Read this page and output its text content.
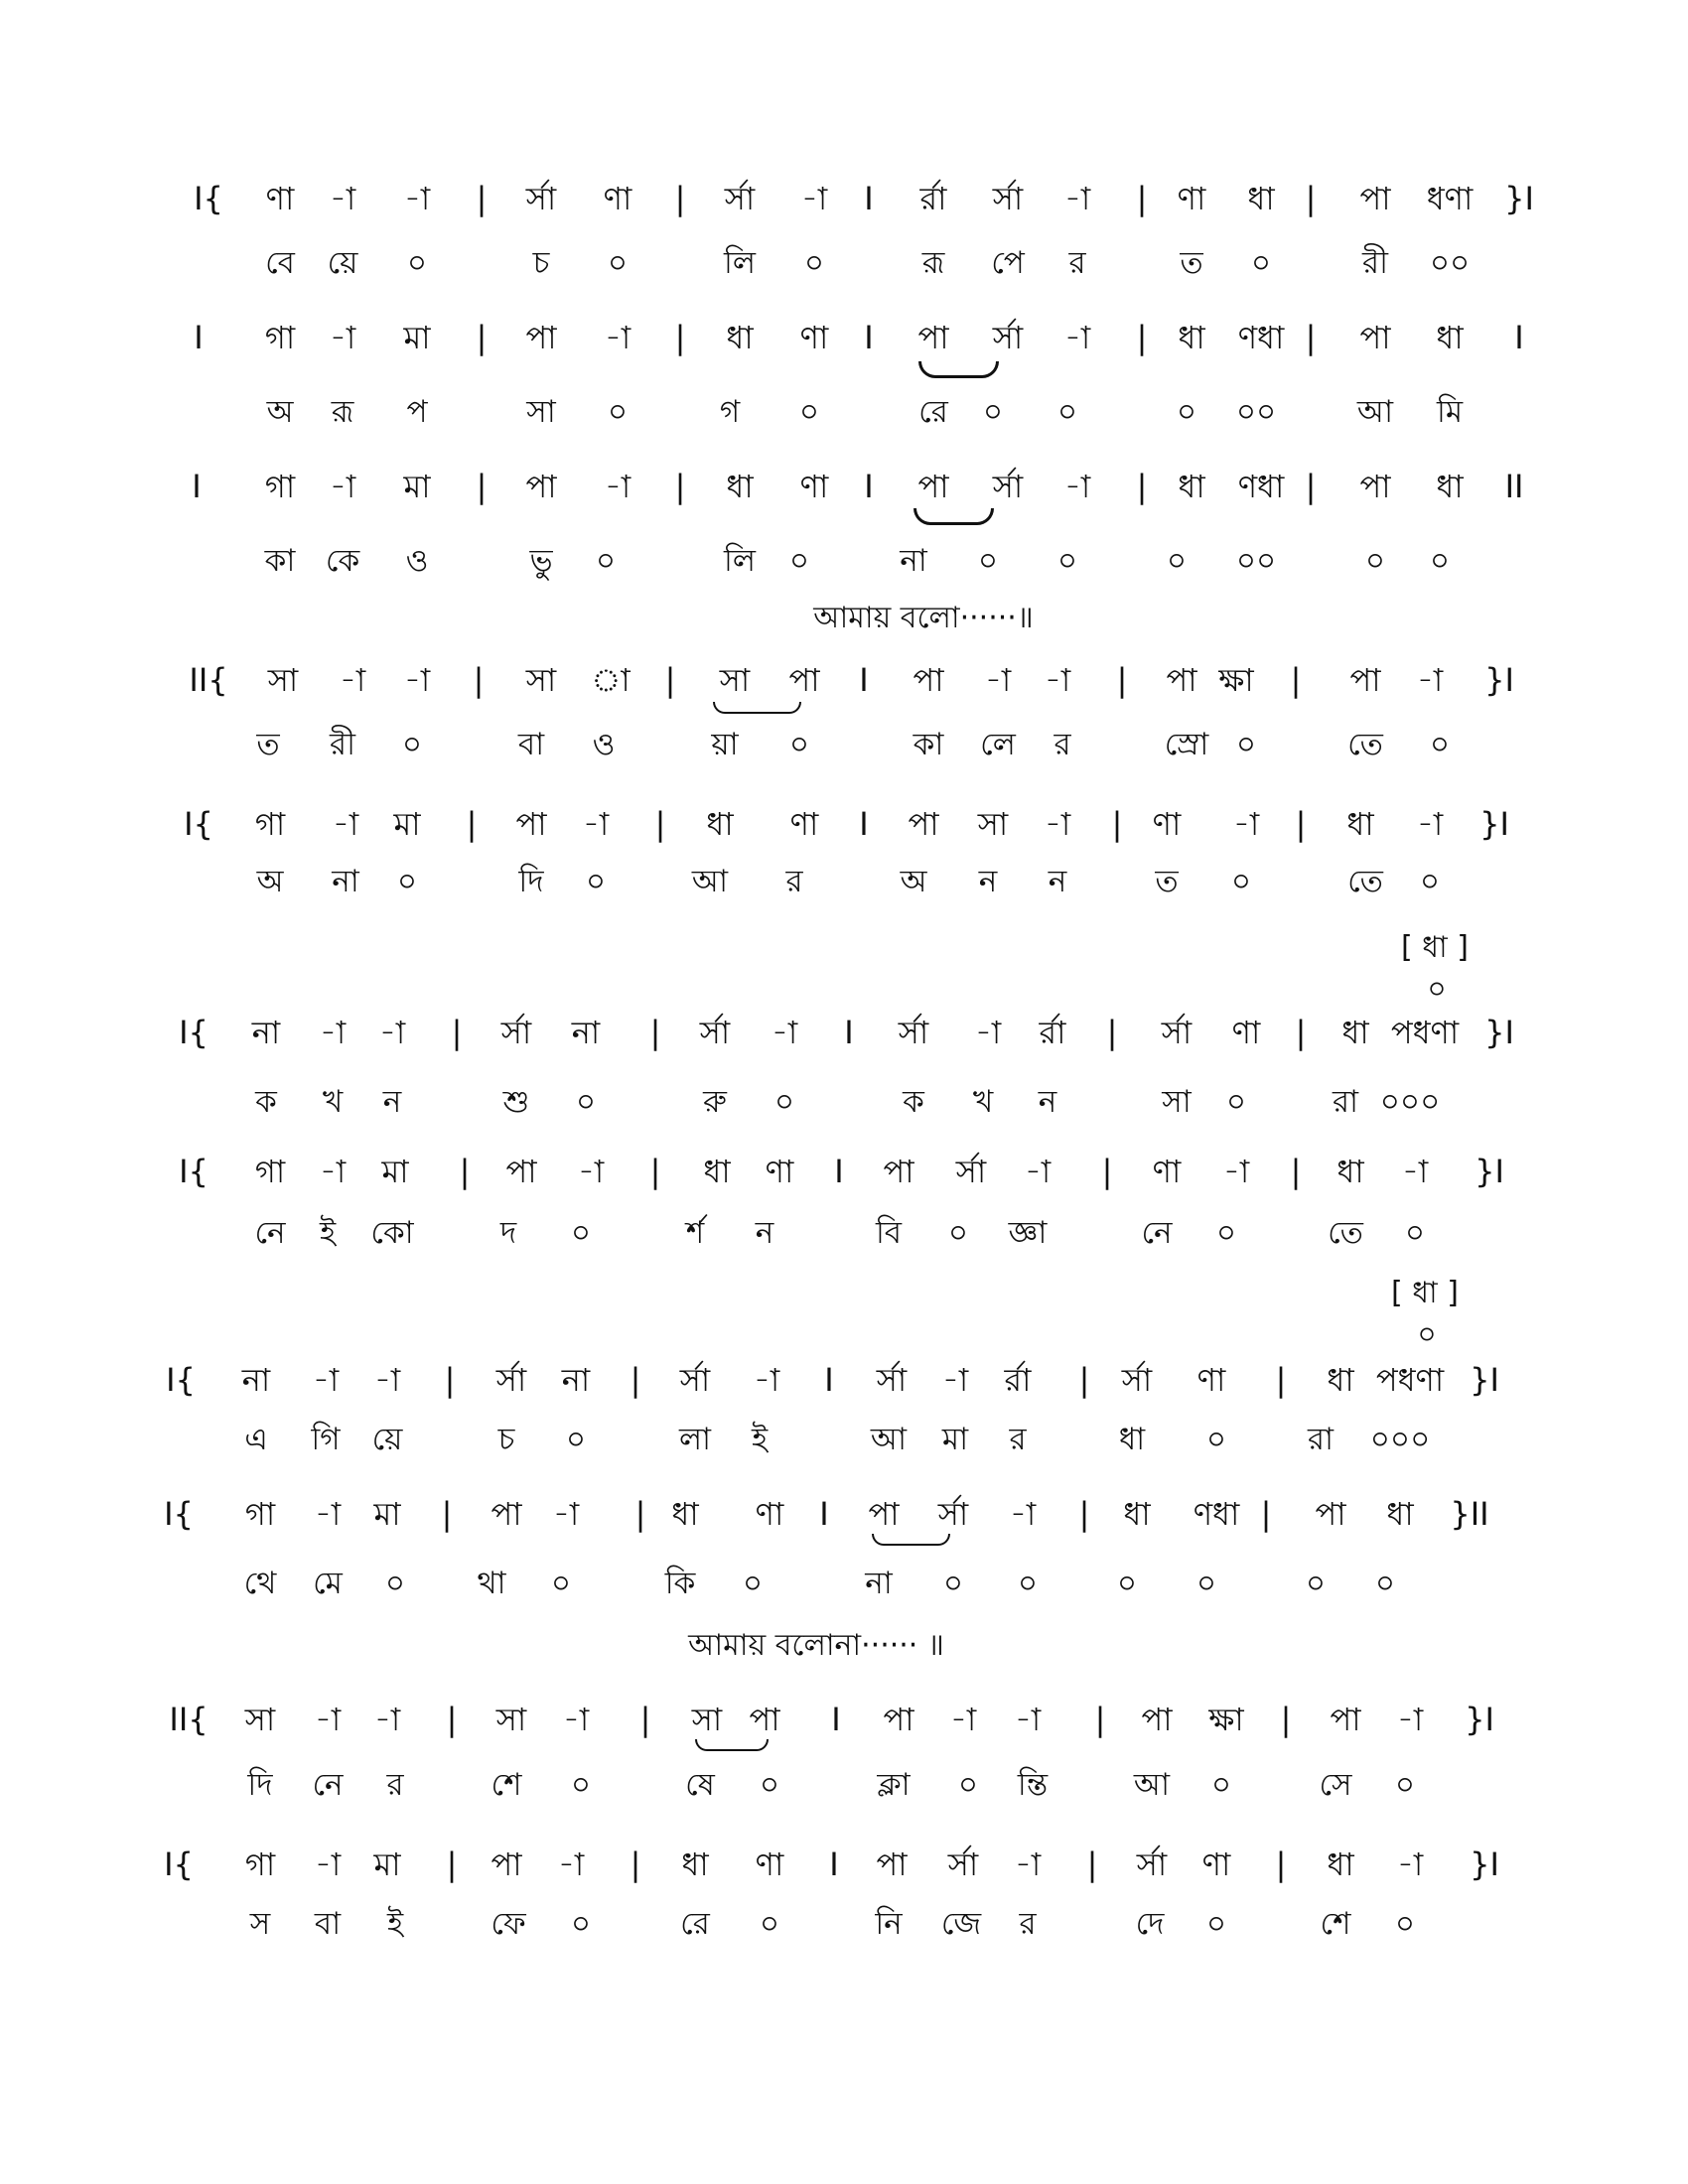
I{ ণা -া -া | র্সা ণা | র্সা -া I র্রা র্সা -া | ণা ধা | পা ধণা }I
বে য়ে ০	চ ০	লি ০	রূ পে র	ত ০	রী ০০
I গা -া মা | পা -া | ধা ণা I পা র্সা -া | ধা ণধা | পা ধা I
অ রূ প	সা ০	গ ০	রে ০ ০	০ ০০	আ মি
I গা -া মা | পা -া | ধা ণা I পা র্সা -া | ধা ণধা | পা ধা II
কা কে ও	ভু ০	লি ০	না ০ ০	০ ০০	০ ০
আমায় বলো······॥
II{ সা -া -া | সা া | সা পা I পা -া -া | পা ক্ষা | পা -া }I
ত রী ০	বা ও	য়া ০	কা লে র	স্রো ০	তে ০
I{ গা -া মা | পা -া | ধা ণা I পা সা -া | ণা -া | ধা -া }I
অ না ০	দি ০	আ র	অ ন ন	ত ০	তে ০
[ ধা ]
০
I{ না -া -া | র্সা না | র্সা -া I র্সা -া র্রা | র্সা ণা | ধা পধণা }I
ক খ ন	শু ০	রু ০	ক খ ন	সা ০	রা ০০০
I{ গা -া মা | পা -া | ধা ণা I পা র্সা -া | ণা -া | ধা -া }I
নে ই কো	দ ০	র্শ ন	বি ০ জ্ঞা	নে ০	তে ০
[ ধা ]
০
I{ না -া -া | র্সা না | র্সা -া I র্সা -া র্রা | র্সা ণা | ধা পধণা }I
এ গি য়ে	চ ০	লা ই	আ মা র	ধা ০	রা ০০০
I{ গা -া মা | পা -া | ধা ণা I পা র্সা -া | ধা ণধা | পা ধা }II
থে মে ০ থা ০	কি ০	না ০ ০	০ ০	০ ০
আমায় বলোনা······ ॥
II{ সা -া -া | সা -া | সা পা I পা -া -া | পা ক্ষা | পা -া }I
দি নে র	শে ০	ষে ০	ক্লা ০ ন্তি	আ ০	সে ০
I{ গা -া মা | পা -া | ধা ণা I পা র্সা -া | র্সা ণা | ধা -া }I
স বা ই	ফে ০	রে ০	নি জে র	দে ০	শে ০
